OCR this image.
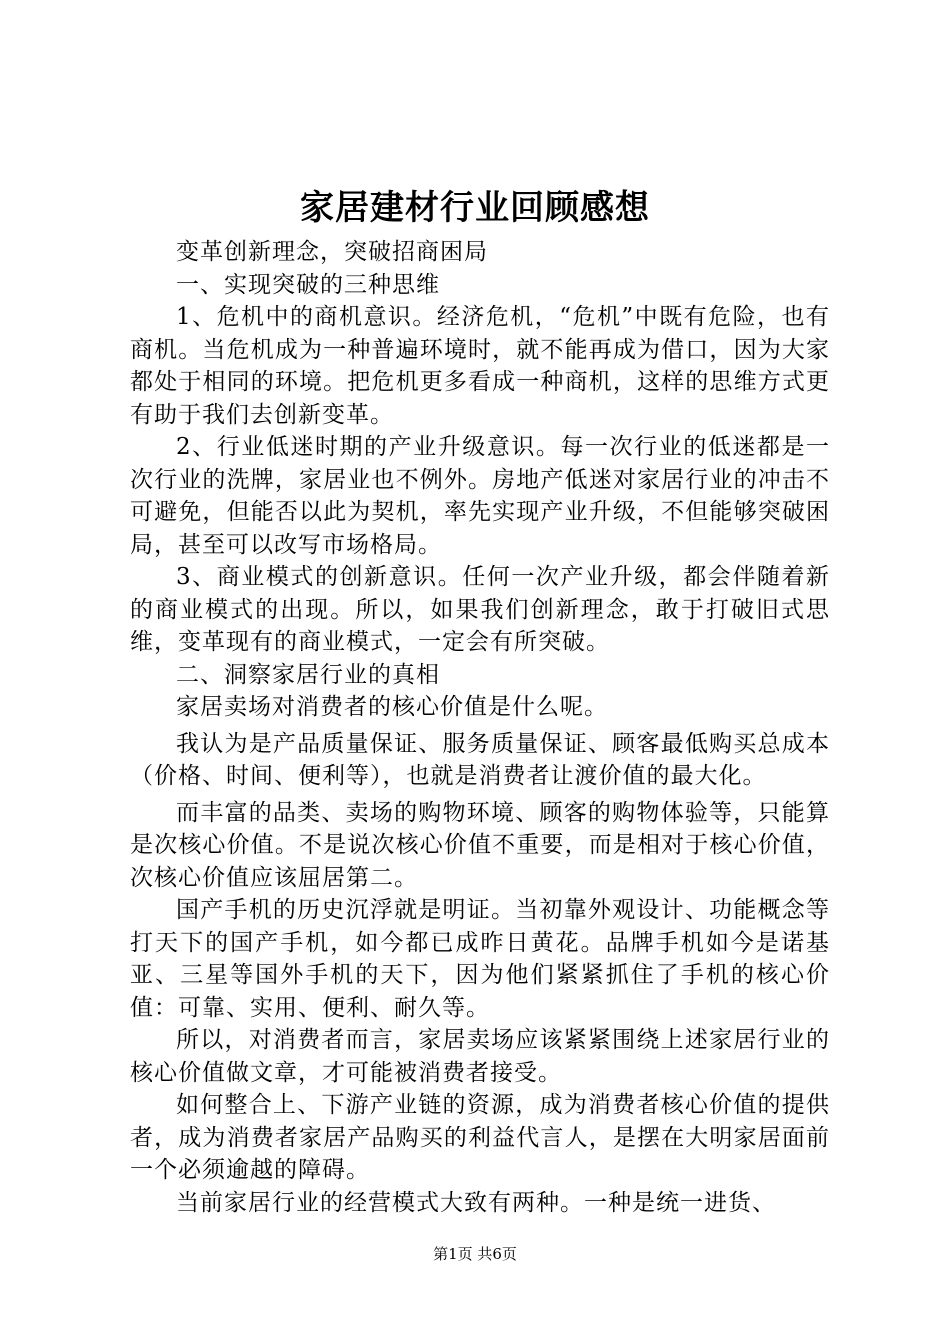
家居建材行业回顾感想

变革创新理念，突破招商困局

一、实现突破的三种思维

1、危机中的商机意识。经济危机，“危机”中既有危险，也有商机。当危机成为一种普遍环境时，就不能再成为借口，因为大家都处于相同的环境。把危机更多看成一种商机，这样的思维方式更有助于我们去创新变革。

2、行业低迷时期的产业升级意识。每一次行业的低迷都是一次行业的洗牌，家居业也不例外。房地产低迷对家居行业的冲击不可避免，但能否以此为契机，率先实现产业升级，不但能够突破困局，甚至可以改写市场格局。

3、商业模式的创新意识。任何一次产业升级，都会伴随着新的商业模式的出现。所以，如果我们创新理念，敢于打破旧式思维，变革现有的商业模式，一定会有所突破。

二、洞察家居行业的真相

家居卖场对消费者的核心价值是什么呢。

我认为是产品质量保证、服务质量保证、顾客最低购买总成本（价格、时间、便利等），也就是消费者让渡价值的最大化。

而丰富的品类、卖场的购物环境、顾客的购物体验等，只能算是次核心价值。不是说次核心价值不重要，而是相对于核心价值，次核心价值应该屈居第二。

国产手机的历史沉浮就是明证。当初靠外观设计、功能概念等打天下的国产手机，如今都已成昨日黄花。品牌手机如今是诺基亚、三星等国外手机的天下，因为他们紧紧抓住了手机的核心价值：可靠、实用、便利、耐久等。

所以，对消费者而言，家居卖场应该紧紧围绕上述家居行业的核心价值做文章，才可能被消费者接受。

如何整合上、下游产业链的资源，成为消费者核心价值的提供者，成为消费者家居产品购买的利益代言人，是摆在大明家居面前一个必须逾越的障碍。

当前家居行业的经营模式大致有两种。一种是统一进货、

第1页 共6页
